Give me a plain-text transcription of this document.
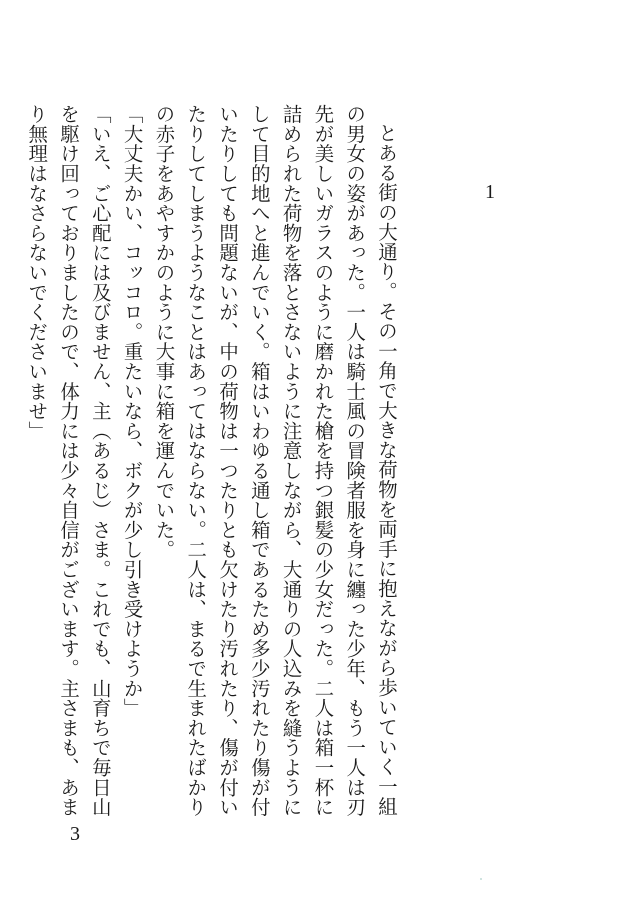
1

とある街の大通り。その一角で大きな荷物を両手に抱えながら歩いていく一組の男女の姿があった。一人は騎士風の冒険者服を身に纏った少年、もう一人は刃先が美しいガラスのように磨かれた槍を持つ銀髪の少女だった。二人は箱一杯に詰められた荷物を落とさないように注意しながら、大通りの人込みを縫うようにして目的地へと進んでいく。箱はいわゆる通し箱であるため多少汚れたり傷が付いたりしても問題ないが、中の荷物は一つたりとも欠けたり汚れたり、傷が付いたりしてしまうようなことはあってはならない。二人は、まるで生まれたばかりの赤子をあやすかのように大事に箱を運んでいた。

「大丈夫かい、コッコロ。重たいなら、ボクが少し引き受けようか」

「いえ、ご心配には及びません、主（あるじ）さま。これでも、山育ちで毎日山を駆け回っておりましたので、体力には少々自信がございます。主さまも、あまり無理はなさらないでくださいませ」

3
